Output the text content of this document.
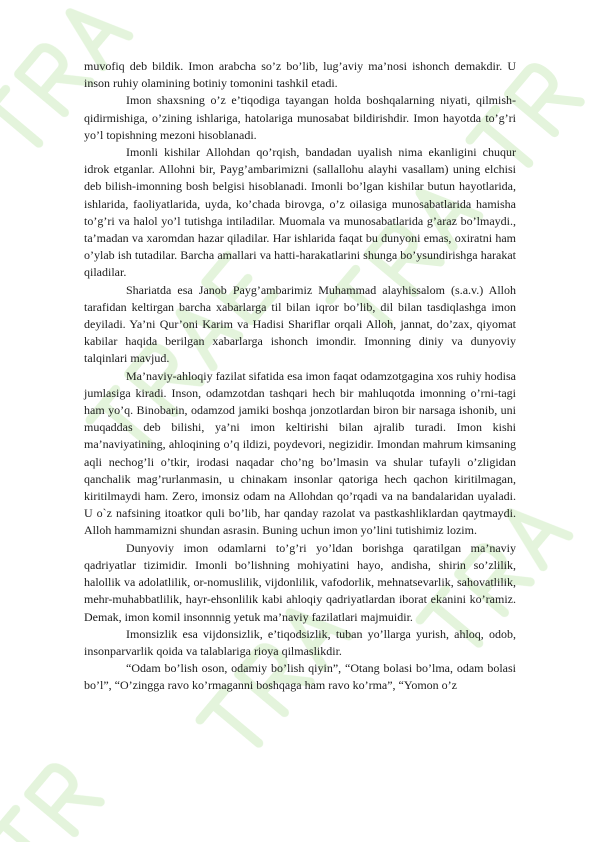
muvofiq deb bildik. Imon arabcha so’z bo’lib, lug’aviy ma’nosi ishonch demakdir. U inson ruhiy olamining botiniy tomonini tashkil etadi.

Imon shaxsning o’z e’tiqodiga tayangan holda boshqalarning niyati, qilmish-qidirmishiga, o’zining ishlariga, hatolariga munosabat bildirishdir. Imon hayotda to’g’ri yo’l topishning mezoni hisoblanadi.

Imonli kishilar Allohdan qo’rqish, bandadan uyalish nima ekanligini chuqur idrok etganlar. Allohni bir, Payg’ambarimizni (sallallohu alayhi vasallam) uning elchisi deb bilish-imonning bosh belgisi hisoblanadi. Imonli bo’lgan kishilar butun hayotlarida, ishlarida, faoliyatlarida, uyda, ko’chada birovga, o’z oilasiga munosabatlarida hamisha to’g’ri va halol yo’l tutishga intiladilar. Muomala va munosabatlarida g’araz bo’lmaydi., ta’madan va xaromdan hazar qiladilar. Har ishlarida faqat bu dunyoni emas, oxiratni ham o’ylab ish tutadilar. Barcha amallari va hatti-harakatlarini shunga bo’ysundirishga harakat qiladilar.

Shariatda esa Janob Payg’ambarimiz Muhammad alayhissalom (s.a.v.) Alloh tarafidan keltirgan barcha xabarlarga til bilan iqror bo’lib, dil bilan tasdiqlashga imon deyiladi. Ya’ni Qur’oni Karim va Hadisi Shariflar orqali Alloh, jannat, do’zax, qiyomat kabilar haqida berilgan xabarlarga ishonch imondir. Imonning diniy va dunyoviy talqinlari mavjud.

Ma’naviy-ahloqiy fazilat sifatida esa imon faqat odamzotgagina xos ruhiy hodisa jumlasiga kiradi. Inson, odamzotdan tashqari hech bir mahluqotda imonning o’rni-tagi ham yo’q. Binobarin, odamzod jamiki boshqa jonzotlardan biron bir narsaga ishonib, uni muqaddas deb bilishi, ya’ni imon keltirishi bilan ajralib turadi. Imon kishi ma’naviyatining, ahloqining o’q ildizi, poydevori, negizidir. Imondan mahrum kimsaning aqli nechog’li o’tkir, irodasi naqadar cho’ng bo’lmasin va shular tufayli o’zligidan qanchalik mag’rurlanmasin, u chinakam insonlar qatoriga hech qachon kiritilmagan, kiritilmaydi ham. Zero, imonsiz odam na Allohdan qo’rqadi va na bandalaridan uyaladi. U o`z nafsining itoatkor quli bo’lib, har qanday razolat va pastkashliklardan qaytmaydi. Alloh hammamizni shundan asrasin. Buning uchun imon yo’lini tutishimiz lozim.

Dunyoviy imon odamlarni to’g’ri yo’ldan borishga qaratilgan ma’naviy qadriyatlar tizimidir. Imonli bo’lishning mohiyatini hayo, andisha, shirin so’zlilik, halollik va adolatlilik, or-nomuslilik, vijdonlilik, vafodorlik, mehnatsevarlik, sahovatlilik, mehr-muhabbatlilik, hayr-ehsonlilik kabi ahloqiy qadriyatlardan iborat ekanini ko’ramiz. Demak, imon komil insonnnig yetuk ma’naviy fazilatlari majmuidir.

Imonsizlik esa vijdonsizlik, e’tiqodsizlik, tuban yo’llarga yurish, ahloq, odob, insonparvarlik qoida va talablariga rioya qilmaslikdir.

“Odam bo’lish oson, odamiy bo’lish qiyin”, “Otang bolasi bo’lma, odam bolasi bo’l”, “O’zingga ravo ko’rmaganni boshqaga ham ravo ko’rma”, “Yomon o’z
